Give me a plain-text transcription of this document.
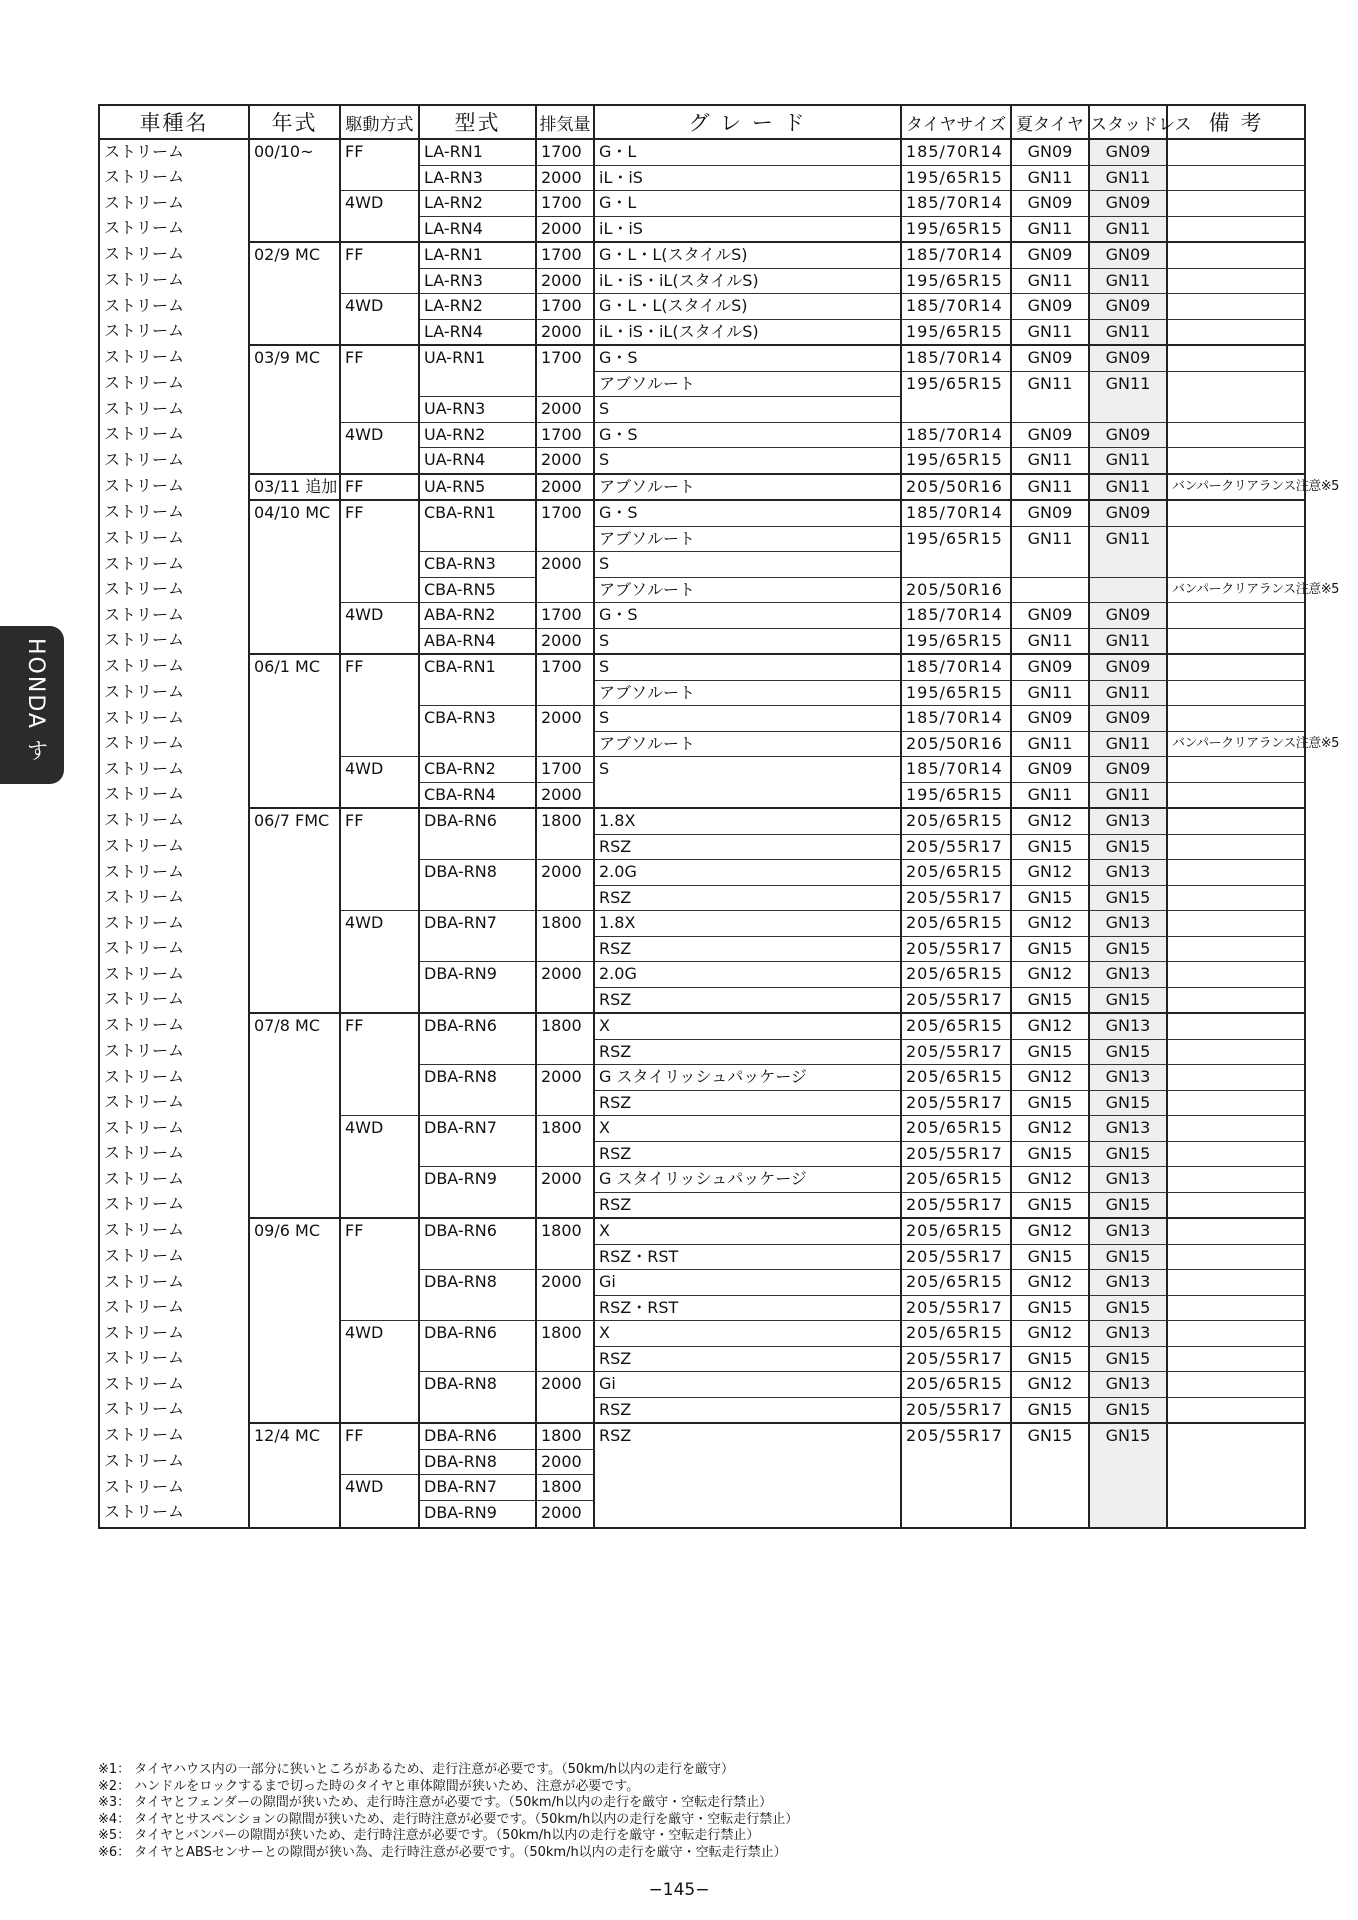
車種名	年式	駆動方式	型式	排気量	グ レ ー ド	タイヤサイズ	夏タイヤ	スタッドレス	備 考
ストリーム	00/10~	FF	LA-RN1	1700	G・L	185/70R14	GN09	GN09	
ストリーム			LA-RN3	2000	iL・iS	195/65R15	GN11	GN11	
ストリーム		4WD	LA-RN2	1700	G・L	185/70R14	GN09	GN09	
ストリーム			LA-RN4	2000	iL・iS	195/65R15	GN11	GN11	
ストリーム	02/9 MC	FF	LA-RN1	1700	G・L・L(スタイルS)	185/70R14	GN09	GN09	
ストリーム			LA-RN3	2000	iL・iS・iL(スタイルS)	195/65R15	GN11	GN11	
ストリーム		4WD	LA-RN2	1700	G・L・L(スタイルS)	185/70R14	GN09	GN09	
ストリーム			LA-RN4	2000	iL・iS・iL(スタイルS)	195/65R15	GN11	GN11	
ストリーム	03/9 MC	FF	UA-RN1	1700	G・S	185/70R14	GN09	GN09	
ストリーム					アブソルート	195/65R15	GN11	GN11	
ストリーム			UA-RN3	2000	S				
ストリーム		4WD	UA-RN2	1700	G・S	185/70R14	GN09	GN09	
ストリーム			UA-RN4	2000	S	195/65R15	GN11	GN11	
ストリーム	03/11 追加	FF	UA-RN5	2000	アブソルート	205/50R16	GN11	GN11	バンパークリアランス注意※5
ストリーム	04/10 MC	FF	CBA-RN1	1700	G・S	185/70R14	GN09	GN09	
ストリーム					アブソルート	195/65R15	GN11	GN11	
ストリーム			CBA-RN3	2000	S				
ストリーム			CBA-RN5		アブソルート	205/50R16			バンパークリアランス注意※5
ストリーム		4WD	ABA-RN2	1700	G・S	185/70R14	GN09	GN09	
ストリーム			ABA-RN4	2000	S	195/65R15	GN11	GN11	
ストリーム	06/1 MC	FF	CBA-RN1	1700	S	185/70R14	GN09	GN09	
ストリーム					アブソルート	195/65R15	GN11	GN11	
ストリーム			CBA-RN3	2000	S	185/70R14	GN09	GN09	
ストリーム					アブソルート	205/50R16	GN11	GN11	バンパークリアランス注意※5
ストリーム		4WD	CBA-RN2	1700	S	185/70R14	GN09	GN09	
ストリーム			CBA-RN4	2000		195/65R15	GN11	GN11	
ストリーム	06/7 FMC	FF	DBA-RN6	1800	1.8X	205/65R15	GN12	GN13	
ストリーム					RSZ	205/55R17	GN15	GN15	
ストリーム			DBA-RN8	2000	2.0G	205/65R15	GN12	GN13	
ストリーム					RSZ	205/55R17	GN15	GN15	
ストリーム		4WD	DBA-RN7	1800	1.8X	205/65R15	GN12	GN13	
ストリーム					RSZ	205/55R17	GN15	GN15	
ストリーム			DBA-RN9	2000	2.0G	205/65R15	GN12	GN13	
ストリーム					RSZ	205/55R17	GN15	GN15	
ストリーム	07/8 MC	FF	DBA-RN6	1800	X	205/65R15	GN12	GN13	
ストリーム					RSZ	205/55R17	GN15	GN15	
ストリーム			DBA-RN8	2000	G スタイリッシュパッケージ	205/65R15	GN12	GN13	
ストリーム					RSZ	205/55R17	GN15	GN15	
ストリーム		4WD	DBA-RN7	1800	X	205/65R15	GN12	GN13	
ストリーム					RSZ	205/55R17	GN15	GN15	
ストリーム			DBA-RN9	2000	G スタイリッシュパッケージ	205/65R15	GN12	GN13	
ストリーム					RSZ	205/55R17	GN15	GN15	
ストリーム	09/6 MC	FF	DBA-RN6	1800	X	205/65R15	GN12	GN13	
ストリーム					RSZ・RST	205/55R17	GN15	GN15	
ストリーム			DBA-RN8	2000	Gi	205/65R15	GN12	GN13	
ストリーム					RSZ・RST	205/55R17	GN15	GN15	
ストリーム		4WD	DBA-RN6	1800	X	205/65R15	GN12	GN13	
ストリーム					RSZ	205/55R17	GN15	GN15	
ストリーム			DBA-RN8	2000	Gi	205/65R15	GN12	GN13	
ストリーム					RSZ	205/55R17	GN15	GN15	
ストリーム	12/4 MC	FF	DBA-RN6	1800	RSZ	205/55R17	GN15	GN15	
ストリーム			DBA-RN8	2000					
ストリーム		4WD	DBA-RN7	1800					
ストリーム			DBA-RN9	2000					
HONDA す
※1： タイヤハウス内の一部分に狭いところがあるため、走行注意が必要です。（50km/h以内の走行を厳守）
※2： ハンドルをロックするまで切った時のタイヤと車体隙間が狭いため、注意が必要です。
※3： タイヤとフェンダーの隙間が狭いため、走行時注意が必要です。（50km/h以内の走行を厳守・空転走行禁止）
※4： タイヤとサスペンションの隙間が狭いため、走行時注意が必要です。（50km/h以内の走行を厳守・空転走行禁止）
※5： タイヤとバンパーの隙間が狭いため、走行時注意が必要です。（50km/h以内の走行を厳守・空転走行禁止）
※6： タイヤとABSセンサーとの隙間が狭い為、走行時注意が必要です。（50km/h以内の走行を厳守・空転走行禁止）
−145−
